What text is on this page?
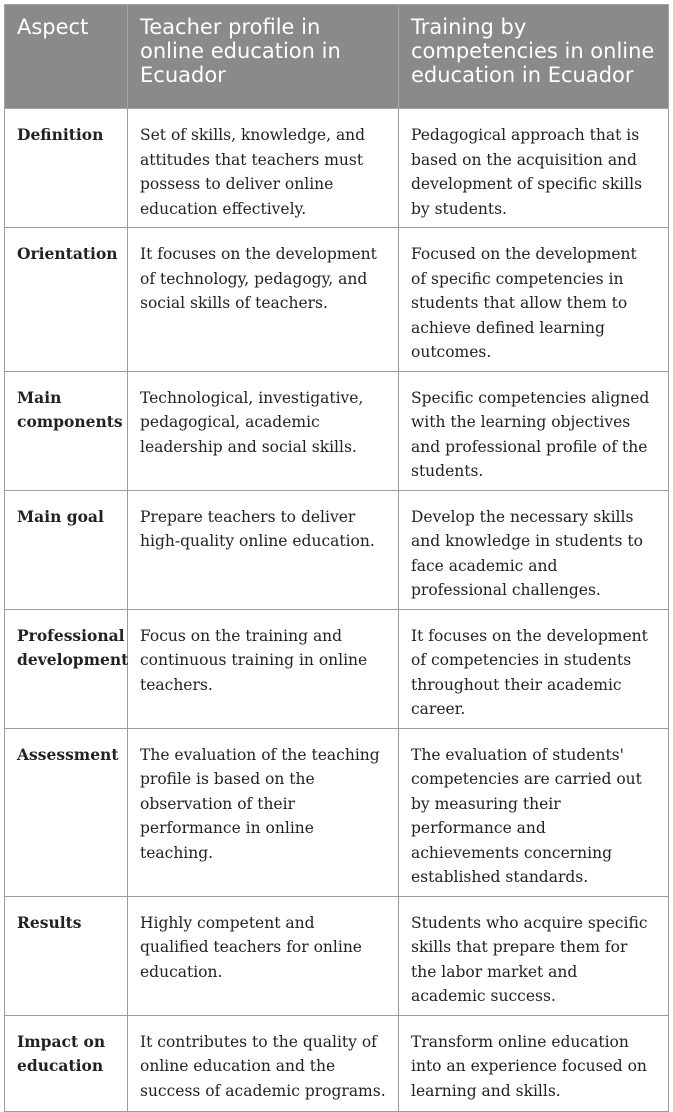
Aspect	Teacher profile in online education in Ecuador	Training by competencies in online education in Ecuador
Definition	Set of skills, knowledge, and attitudes that teachers must possess to deliver online education effectively.	Pedagogical approach that is based on the acquisition and development of specific skills by students.
Orientation	It focuses on the development of technology, pedagogy, and social skills of teachers.	Focused on the development of specific competencies in students that allow them to achieve defined learning outcomes.
Main components	Technological, investigative, pedagogical, academic leadership and social skills.	Specific competencies aligned with the learning objectives and professional profile of the students.
Main goal	Prepare teachers to deliver high-quality online education.	Develop the necessary skills and knowledge in students to face academic and professional challenges.
Professional development	Focus on the training and continuous training in online teachers.	It focuses on the development of competencies in students throughout their academic career.
Assessment	The evaluation of the teaching profile is based on the observation of their performance in online teaching.	The evaluation of students' competencies are carried out by measuring their performance and achievements concerning established standards.
Results	Highly competent and qualified teachers for online education.	Students who acquire specific skills that prepare them for the labor market and academic success.
Impact on education	It contributes to the quality of online education and the success of academic programs.	Transform online education into an experience focused on learning and skills.
